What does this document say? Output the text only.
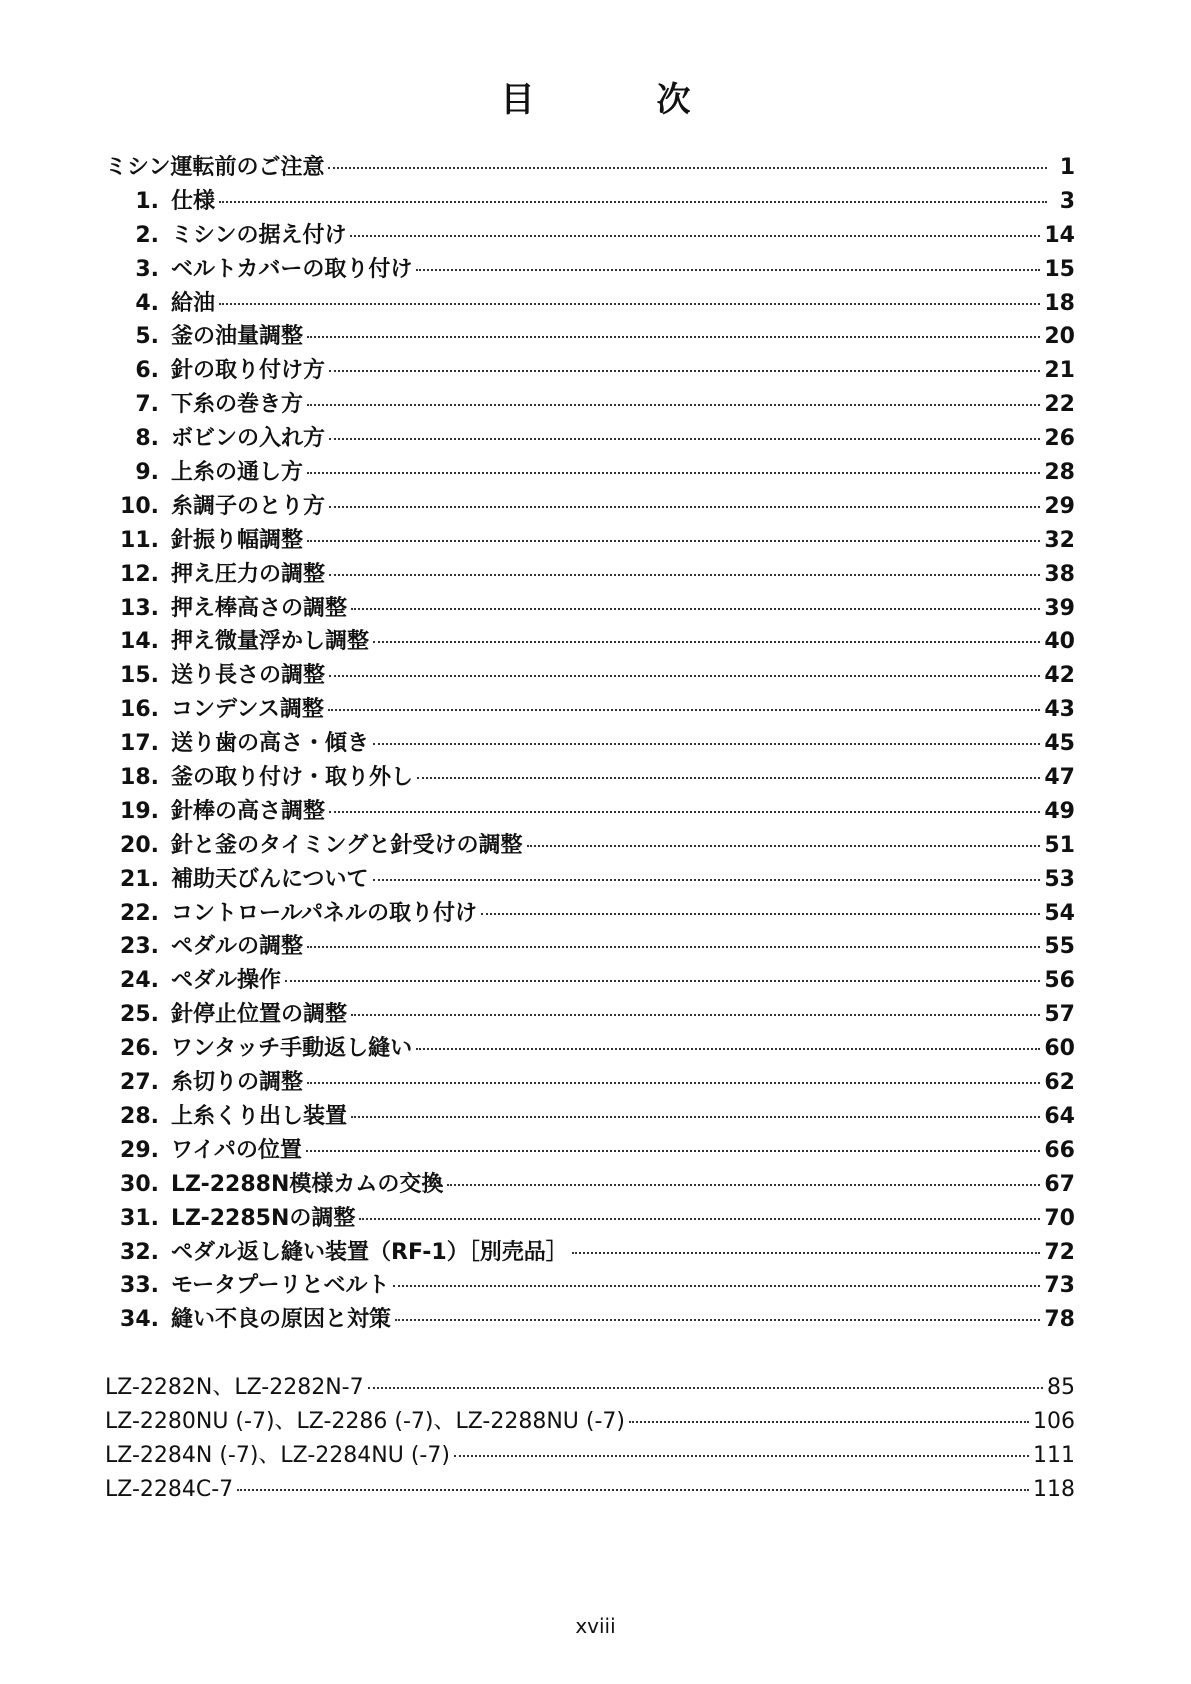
目　次
ミシン運転前のご注意	1
1. 仕様	3
2. ミシンの据え付け	14
3. ベルトカバーの取り付け	15
4. 給油	18
5. 釜の油量調整	20
6. 針の取り付け方	21
7. 下糸の巻き方	22
8. ボビンの入れ方	26
9. 上糸の通し方	28
10. 糸調子のとり方	29
11. 針振り幅調整	32
12. 押え圧力の調整	38
13. 押え棒高さの調整	39
14. 押え微量浮かし調整	40
15. 送り長さの調整	42
16. コンデンス調整	43
17. 送り歯の高さ・傾き	45
18. 釜の取り付け・取り外し	47
19. 針棒の高さ調整	49
20. 針と釜のタイミングと針受けの調整	51
21. 補助天びんについて	53
22. コントロールパネルの取り付け	54
23. ペダルの調整	55
24. ペダル操作	56
25. 針停止位置の調整	57
26. ワンタッチ手動返し縫い	60
27. 糸切りの調整	62
28. 上糸くり出し装置	64
29. ワイパの位置	66
30. LZ-2288N模様カムの交換	67
31. LZ-2285Nの調整	70
32. ペダル返し縫い装置（RF-1）［別売品］	72
33. モータプーリとベルト	73
34. 縫い不良の原因と対策	78
LZ-2282N、LZ-2282N-7	85
LZ-2280NU (-7)、LZ-2286 (-7)、LZ-2288NU (-7)	106
LZ-2284N (-7)、LZ-2284NU (-7)	111
LZ-2284C-7	118
xviii
